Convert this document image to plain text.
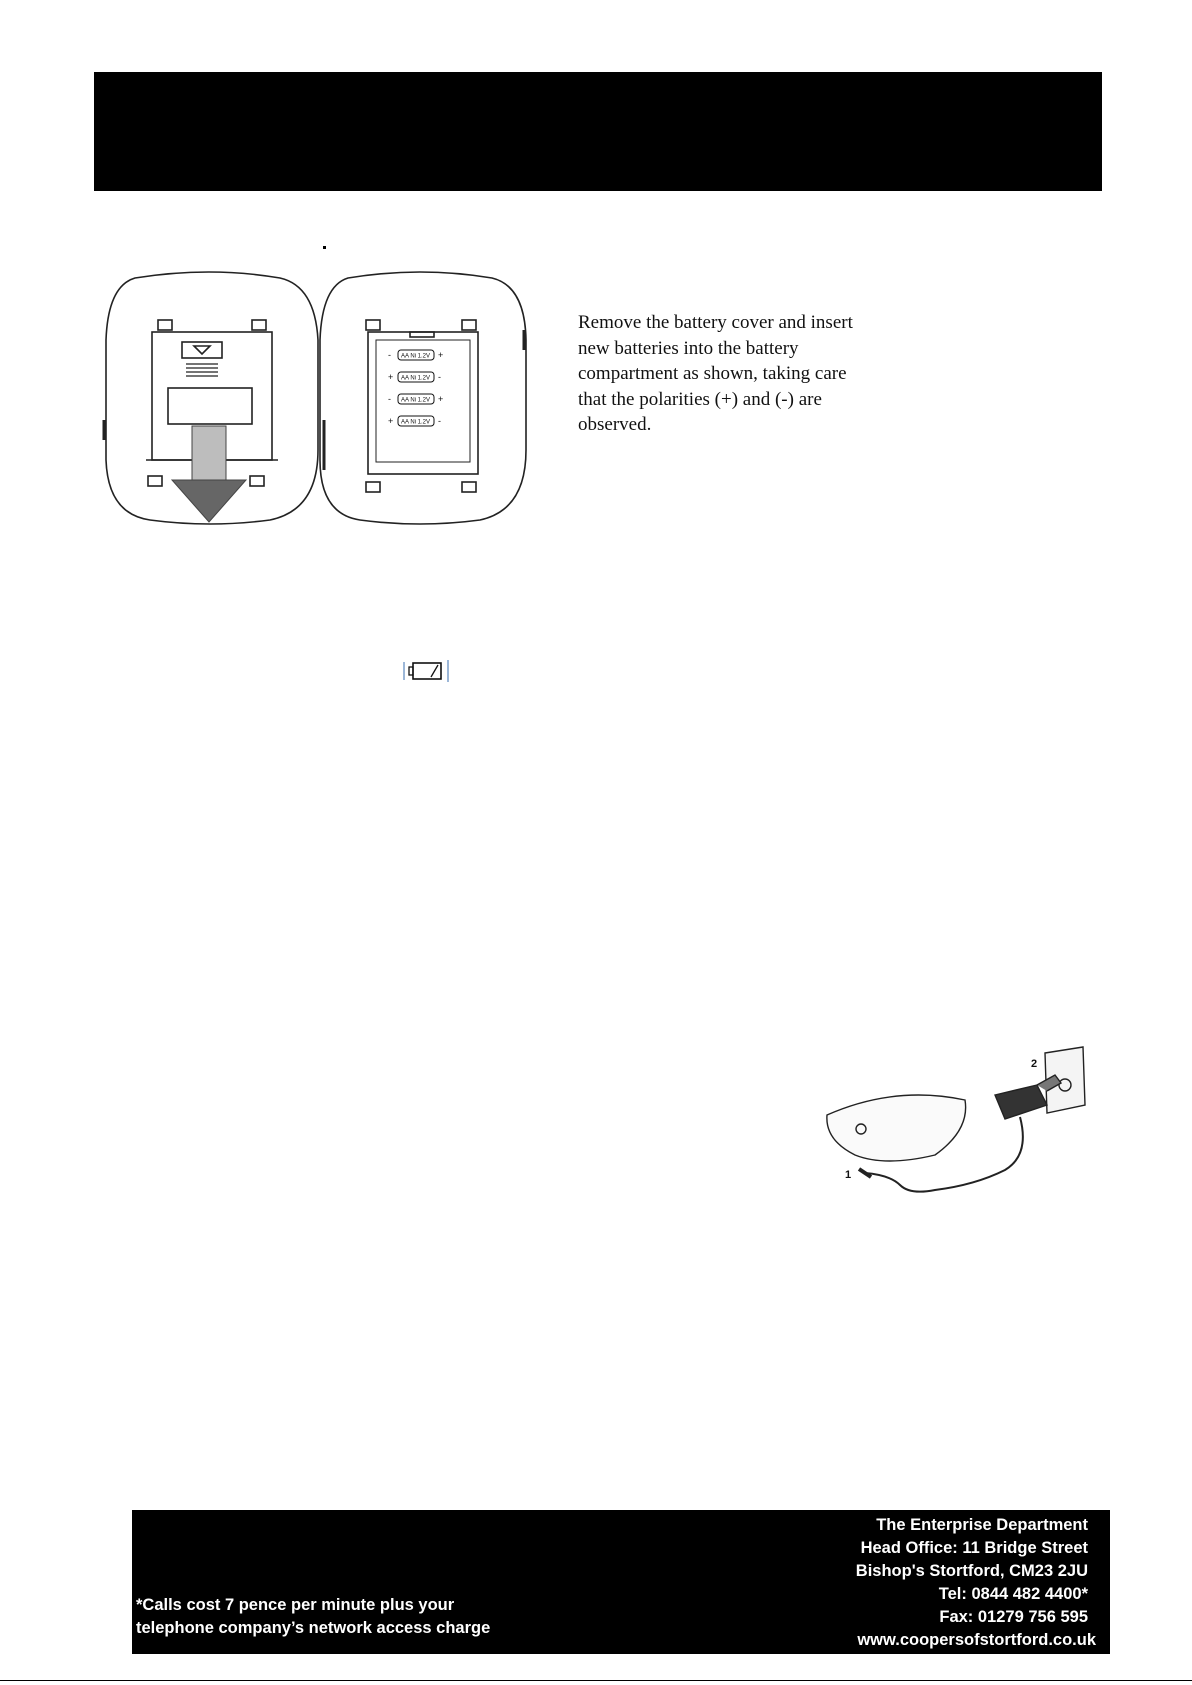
AA Ni 1.2V
-	+
AA Ni 1.2V
+	-
AA Ni 1.2V
-	+
AA Ni 1.2V
+	-

Remove the battery cover and insert
new batteries into the battery
compartment as shown, taking care
that the polarities (+) and (-) are
observed.

1
2
*Calls cost 7 pence per minute plus your
telephone company’s network access charge
The Enterprise Department
Head Office: 11 Bridge Street
Bishop's Stortford, CM23 2JU
Tel: 0844 482 4400*
Fax: 01279 756 595
www.coopersofstortford.co.uk
